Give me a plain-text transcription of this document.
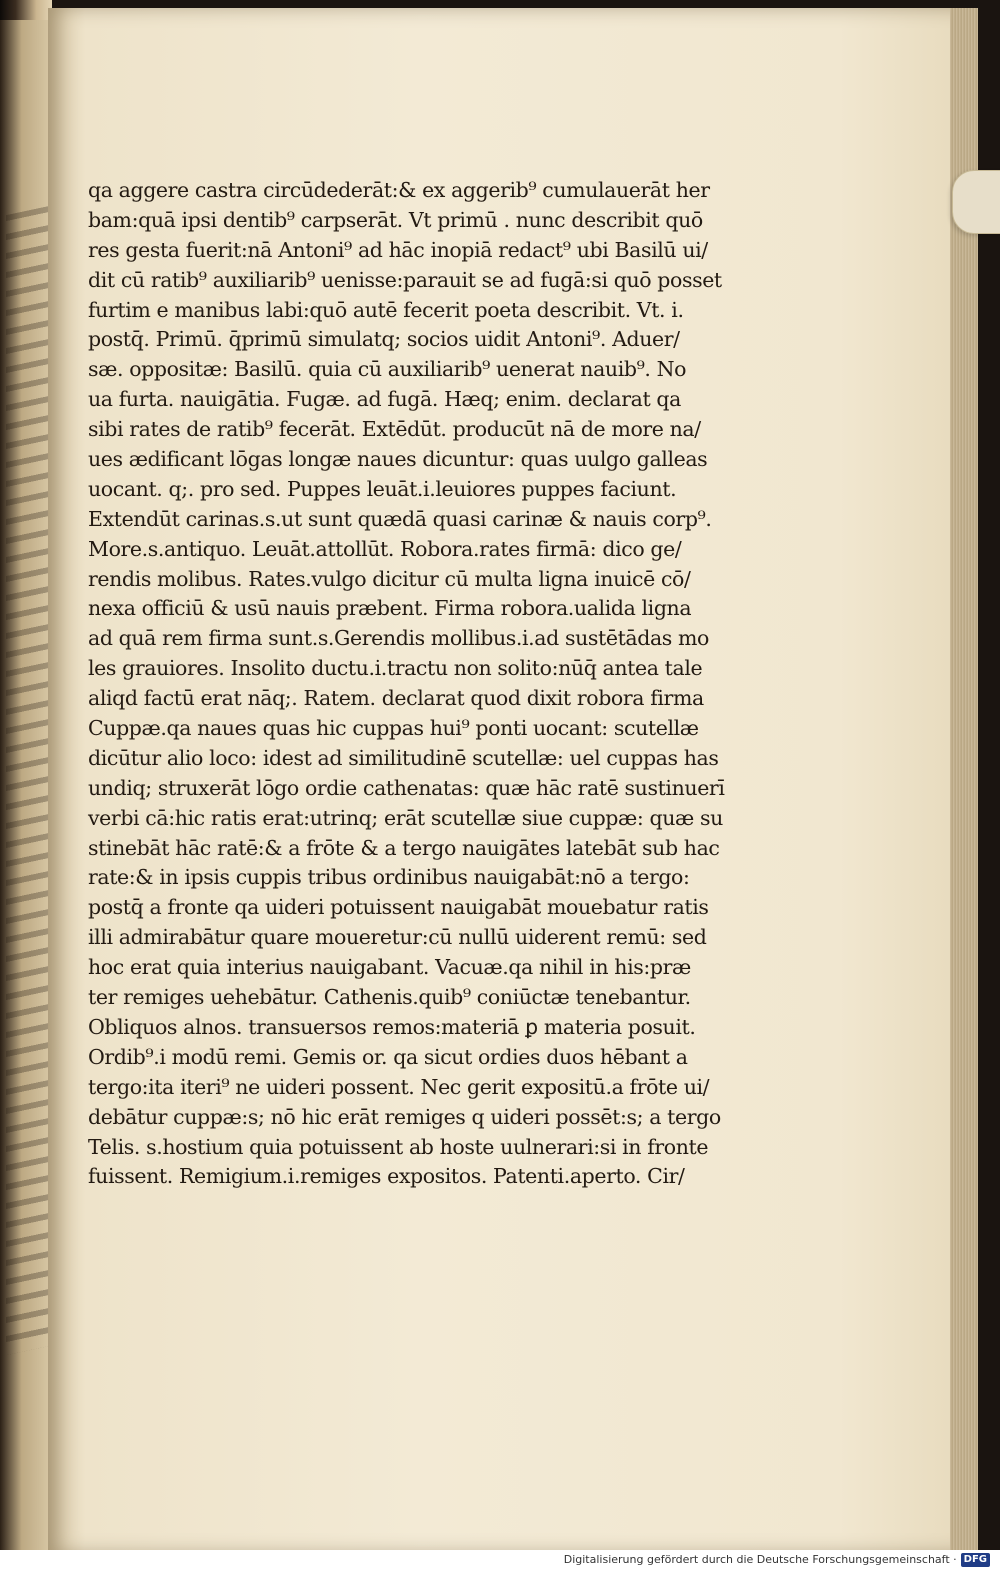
qa aggere castra circūdederāt:& ex aggerib⁹ cumulauerāt her
bam:quā ipsi dentib⁹ carpserāt. Vt primū . nunc describit quō
res gesta fuerit:nā Antoni⁹ ad hāc inopiā redact⁹ ubi Basilū ui/
dit cū ratib⁹ auxiliarib⁹ uenisse:parauit se ad fugā:si quō posset
furtim e manibus labi:quō autē fecerit poeta describit. Vt. i.
postq̄. Primū. q̄primū simulatq; socios uidit Antoni⁹. Aduer/
sæ. oppositæ: Basilū. quia cū auxiliarib⁹ uenerat nauib⁹. No
ua furta. nauigātia. Fugæ. ad fugā. Hæq; enim. declarat qa
sibi rates de ratib⁹ fecerāt. Extēdūt. producūt nā de more na/
ues ædificant lōgas longæ naues dicuntur: quas uulgo galleas
uocant. q;. pro sed. Puppes leuāt.i.leuiores puppes faciunt.
Extendūt carinas.s.ut sunt quædā quasi carinæ & nauis corp⁹.
More.s.antiquo. Leuāt.attollūt. Robora.rates firmā: dico ge/
rendis molibus. Rates.vulgo dicitur cū multa ligna inuicē cō/
nexa officiū & usū nauis præbent. Firma robora.ualida ligna
ad quā rem firma sunt.s.Gerendis mollibus.i.ad sustētādas mo
les grauiores. Insolito ductu.i.tractu non solito:nūq̄ antea tale
aliqd factū erat nāq;. Ratem. declarat quod dixit robora firma
Cuppæ.qa naues quas hic cuppas hui⁹ ponti uocant: scutellæ
dicūtur alio loco: idest ad similitudinē scutellæ: uel cuppas has
undiq; struxerāt lōgo ordie cathenatas: quæ hāc ratē sustinuerī
verbi cā:hic ratis erat:utrinq; erāt scutellæ siue cuppæ: quæ su
stinebāt hāc ratē:& a frōte & a tergo nauigātes latebāt sub hac
rate:& in ipsis cuppis tribus ordinibus nauigabāt:nō a tergo:
postq̄ a fronte qa uideri potuissent nauigabāt mouebatur ratis
illi admirabātur quare moueretur:cū nullū uiderent remū: sed
hoc erat quia interius nauigabant. Vacuæ.qa nihil in his:præ
ter remiges uehebātur. Cathenis.quib⁹ coniūctæ tenebantur.
Obliquos alnos. transuersos remos:materiā ꝑ materia posuit.
Ordib⁹.i modū remi. Gemis or. qa sicut ordies duos hēbant a
tergo:ita iteri⁹ ne uideri possent. Nec gerit expositū.a frōte ui/
debātur cuppæ:s; nō hic erāt remiges q uideri possēt:s; a tergo
Telis. s.hostium quia potuissent ab hoste uulnerari:si in fronte
fuissent. Remigium.i.remiges expositos. Patenti.aperto. Cir/
Digitalisierung gefördert durch die Deutsche Forschungsgemeinschaft · DFG
